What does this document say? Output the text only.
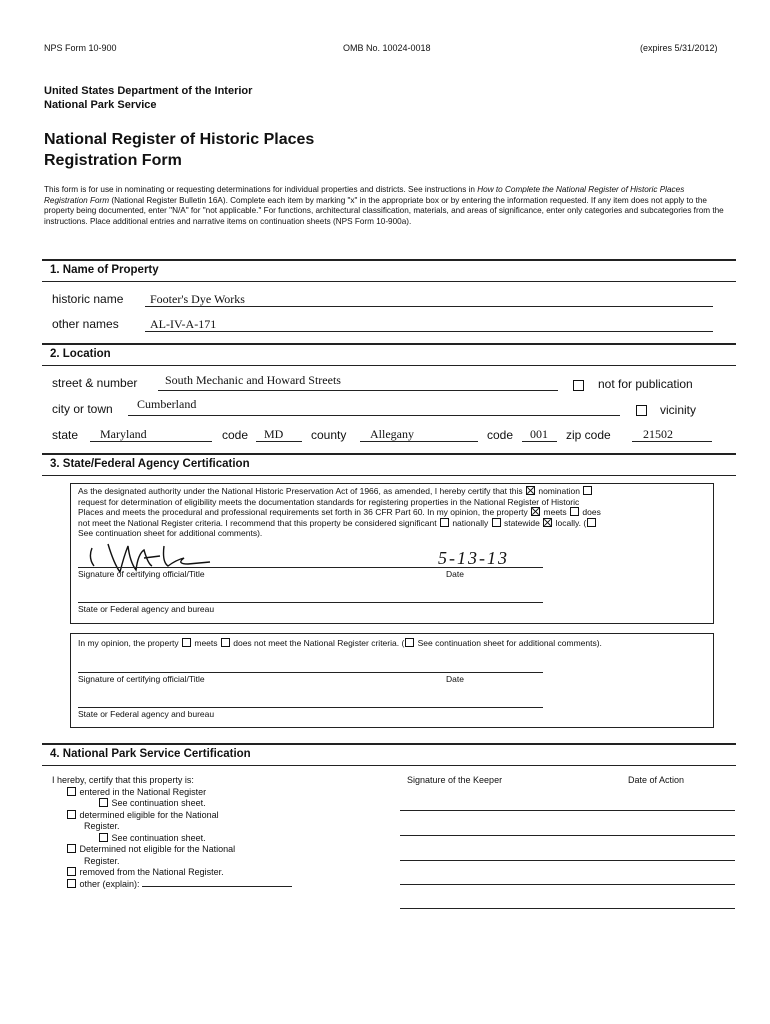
NPS Form 10-900	OMB No. 10024-0018	(expires 5/31/2012)
United States Department of the Interior
National Park Service
National Register of Historic Places
Registration Form
This form is for use in nominating or requesting determinations for individual properties and districts. See instructions in How to Complete the National Register of Historic Places Registration Form (National Register Bulletin 16A). Complete each item by marking "x" in the appropriate box or by entering the information requested. If any item does not apply to the property being documented, enter "N/A" for "not applicable." For functions, architectural classification, materials, and areas of significance, enter only categories and subcategories from the instructions. Place additional entries and narrative items on continuation sheets (NPS Form 10-900a).
1. Name of Property
historic name Footer's Dye Works
other names	AL-IV-A-171
2. Location
street & number South Mechanic and Howard Streets	not for publication
city or town Cumberland	vicinity
state Maryland	code MD county Allegany	code 001 zip code	21502
3. State/Federal Agency Certification
As the designated authority under the National Historic Preservation Act of 1966, as amended, I hereby certify that this  nomination
request for determination of eligibility meets the documentation standards for registering properties in the National Register of Historic
Places and meets the procedural and professional requirements set forth in 36 CFR Part 60. In my opinion, the property  meets  does
not meet the National Register criteria. I recommend that this property be considered significant  nationally  statewide  locally. (
See continuation sheet for additional comments).
5-13-13
Signature of certifying official/Title	Date
State or Federal agency and bureau
In my opinion, the property  meets  does not meet the National Register criteria. ( See continuation sheet for additional comments).
Signature of certifying official/Title	Date
State or Federal agency and bureau
4. National Park Service Certification
I hereby, certify that this property is:
entered in the National Register
See continuation sheet.
determined eligible for the National
Register.
See continuation sheet.
Determined not eligible for the National
Register.
removed from the National Register.
other (explain):
Signature of the Keeper	Date of Action
